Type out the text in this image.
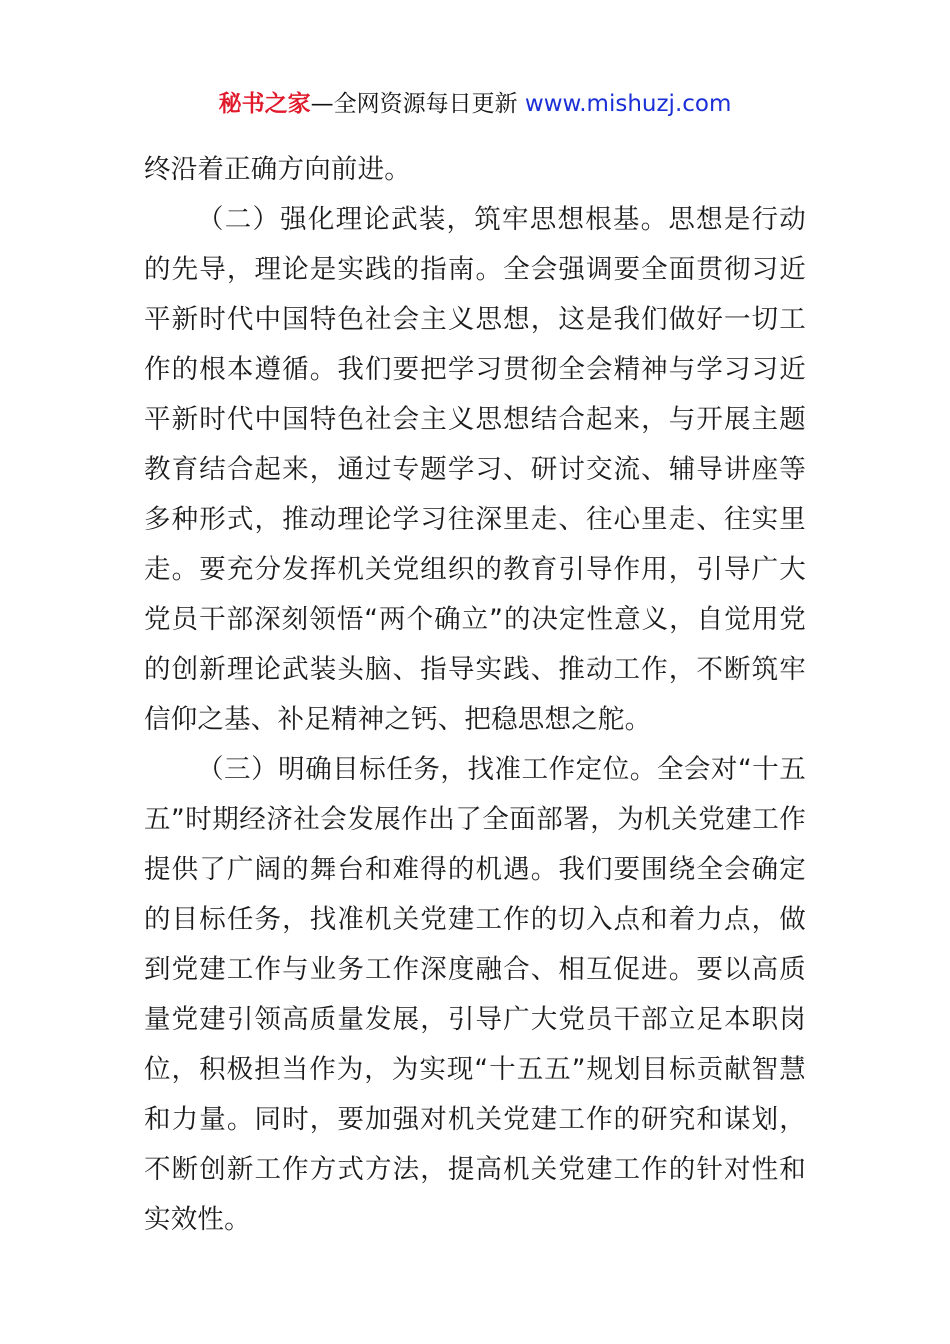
秘书之家—全网资源每日更新 www.mishuzj.com

终沿着正确方向前进。

（二）强化理论武装，筑牢思想根基。思想是行动的先导，理论是实践的指南。全会强调要全面贯彻习近平新时代中国特色社会主义思想，这是我们做好一切工作的根本遵循。我们要把学习贯彻全会精神与学习习近平新时代中国特色社会主义思想结合起来，与开展主题教育结合起来，通过专题学习、研讨交流、辅导讲座等多种形式，推动理论学习往深里走、往心里走、往实里走。要充分发挥机关党组织的教育引导作用，引导广大党员干部深刻领悟“两个确立”的决定性意义，自觉用党的创新理论武装头脑、指导实践、推动工作，不断筑牢信仰之基、补足精神之钙、把稳思想之舵。

（三）明确目标任务，找准工作定位。全会对“十五五”时期经济社会发展作出了全面部署，为机关党建工作提供了广阔的舞台和难得的机遇。我们要围绕全会确定的目标任务，找准机关党建工作的切入点和着力点，做到党建工作与业务工作深度融合、相互促进。要以高质量党建引领高质量发展，引导广大党员干部立足本职岗位，积极担当作为，为实现“十五五”规划目标贡献智慧和力量。同时，要加强对机关党建工作的研究和谋划，不断创新工作方式方法，提高机关党建工作的针对性和实效性。
